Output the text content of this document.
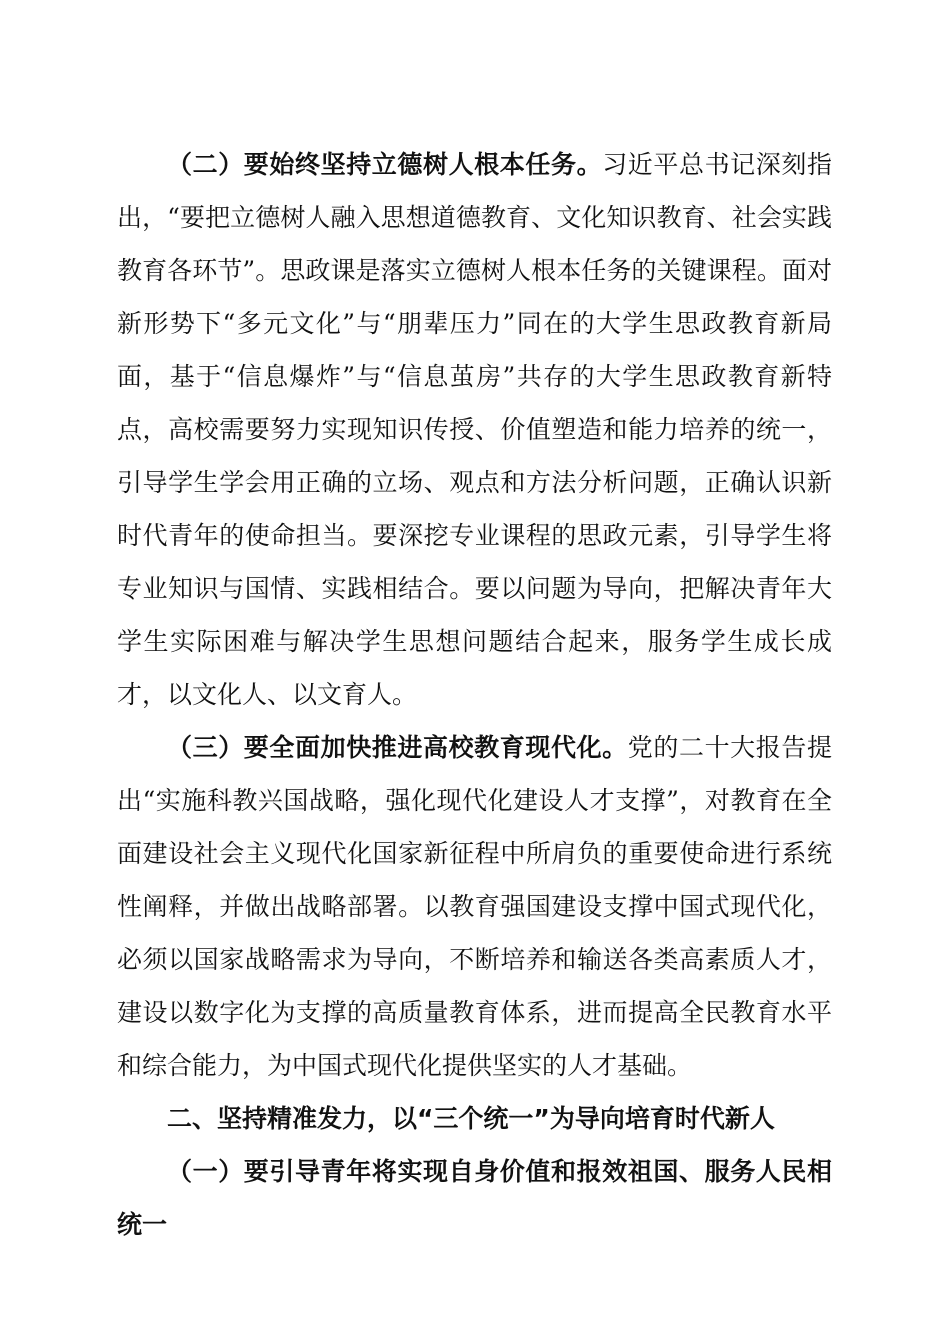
（二）要始终坚持立德树人根本任务。习近平总书记深刻指出，“要把立德树人融入思想道德教育、文化知识教育、社会实践教育各环节”。思政课是落实立德树人根本任务的关键课程。面对新形势下“多元文化”与“朋辈压力”同在的大学生思政教育新局面，基于“信息爆炸”与“信息茧房”共存的大学生思政教育新特点，高校需要努力实现知识传授、价值塑造和能力培养的统一，引导学生学会用正确的立场、观点和方法分析问题，正确认识新时代青年的使命担当。要深挖专业课程的思政元素，引导学生将专业知识与国情、实践相结合。要以问题为导向，把解决青年大学生实际困难与解决学生思想问题结合起来，服务学生成长成才，以文化人、以文育人。

（三）要全面加快推进高校教育现代化。党的二十大报告提出“实施科教兴国战略，强化现代化建设人才支撑”，对教育在全面建设社会主义现代化国家新征程中所肩负的重要使命进行系统性阐释，并做出战略部署。以教育强国建设支撑中国式现代化，必须以国家战略需求为导向，不断培养和输送各类高素质人才，建设以数字化为支撑的高质量教育体系，进而提高全民教育水平和综合能力，为中国式现代化提供坚实的人才基础。

二、坚持精准发力，以“三个统一”为导向培育时代新人

（一）要引导青年将实现自身价值和报效祖国、服务人民相统一
